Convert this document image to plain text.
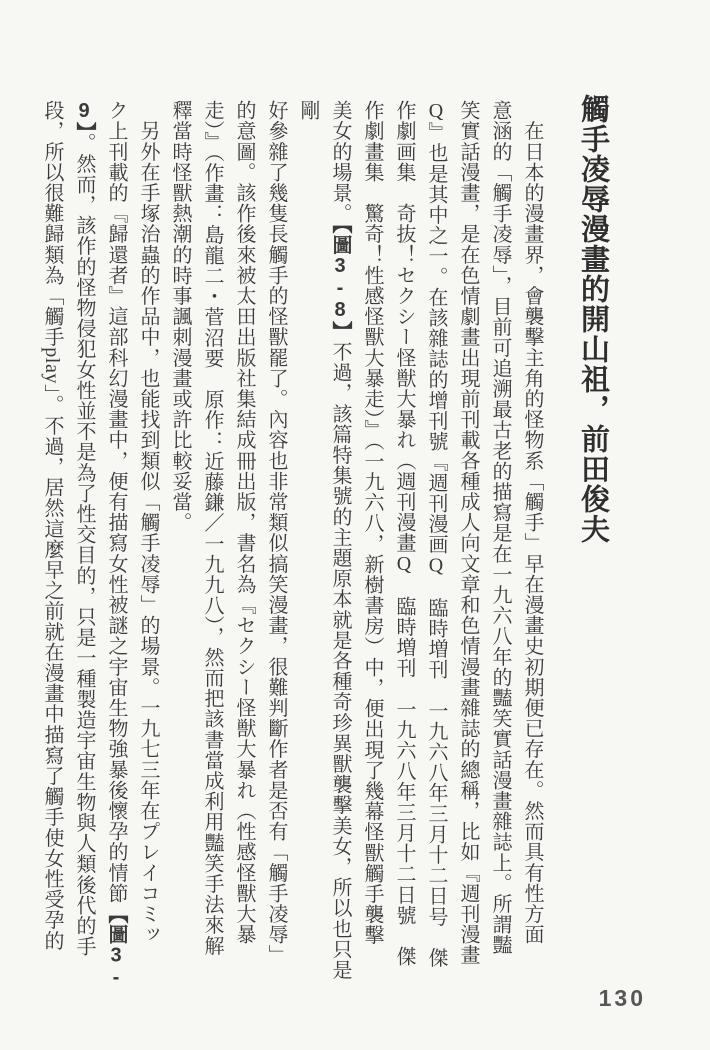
觸手凌辱漫畫的開山祖，前田俊夫
　在日本的漫畫界，會襲擊主角的怪物系「觸手」早在漫畫史初期便已存在。然而具有性方面
意涵的「觸手凌辱」，目前可追溯最古老的描寫是在一九六八年的豔笑實話漫畫雜誌上。所謂豔
笑實話漫畫，是在色情劇畫出現前刊載各種成人向文章和色情漫畫雜誌的總稱，比如『週刊漫畫
Q』也是其中之一。在該雜誌的增刊號『週刊漫画Q　臨時増刊　一九六八年三月十二日号　傑
作劇画集　奇抜！セクシー怪獣大暴れ（週刊漫畫Q　臨時増刊　一九六八年三月十二日號　傑
作劇畫集　驚奇！性感怪獸大暴走）』（一九六八，新樹書房）中，便出現了幾幕怪獸觸手襲擊
美女的場景。【圖3-8】不過，該篇特集號的主題原本就是各種奇珍異獸襲擊美女，所以也只是剛
好參雜了幾隻長觸手的怪獸罷了。內容也非常類似搞笑漫畫，很難判斷作者是否有「觸手凌辱」
的意圖。該作後來被太田出版社集結成冊出版，書名為『セクシー怪獣大暴れ（性感怪獸大暴
走）』（作畫：島龍二・菅沼要　原作：近藤鎌／一九九八），然而把該書當成利用豔笑手法來解
釋當時怪獸熱潮的時事諷刺漫畫或許比較妥當。
　另外在手塚治蟲的作品中，也能找到類似「觸手凌辱」的場景。一九七三年在プレイコミッ
ク上刊載的『歸還者』這部科幻漫畫中，便有描寫女性被謎之宇宙生物強暴後懷孕的情節【圖3-
9】。然而，該作的怪物侵犯女性並不是為了性交目的，只是一種製造宇宙生物與人類後代的手
段，所以很難歸類為「觸手play」。不過，居然這麼早之前就在漫畫中描寫了觸手使女性受孕的
130
